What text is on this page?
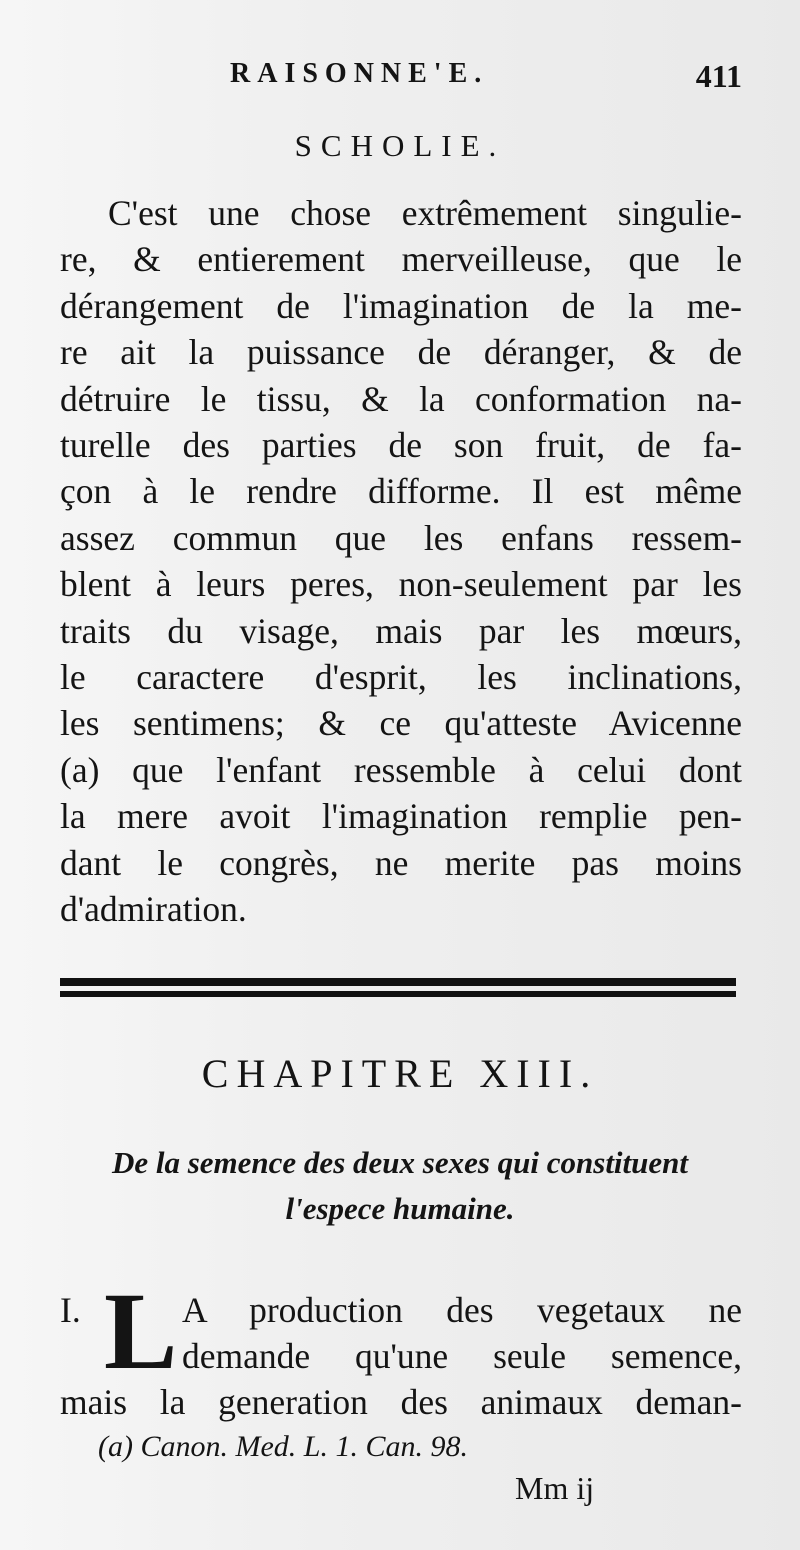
RAISONNE'E.	411
SCHOLIE.
C'est une chose extrêmement singulie-
re, & entierement merveilleuse, que le
dérangement de l'imagination de la me-
re ait la puissance de déranger, & de
détruire le tissu, & la conformation na-
turelle des parties de son fruit, de fa-
çon à le rendre difforme. Il est même
assez commun que les enfans ressem-
blent à leurs peres, non-seulement par les
traits du visage, mais par les mœurs,
le caractere d'esprit, les inclinations,
les sentimens; & ce qu'atteste Avicenne
(a) que l'enfant ressemble à celui dont
la mere avoit l'imagination remplie pen-
dant le congrès, ne merite pas moins
d'admiration.
CHAPITRE XIII.
De la semence des deux sexes qui constituent
l'espece humaine.
I. L A production des vegetaux ne
demande qu'une seule semence,
mais la generation des animaux deman-
(a) Canon. Med. L. 1. Can. 98.
Mm ij
